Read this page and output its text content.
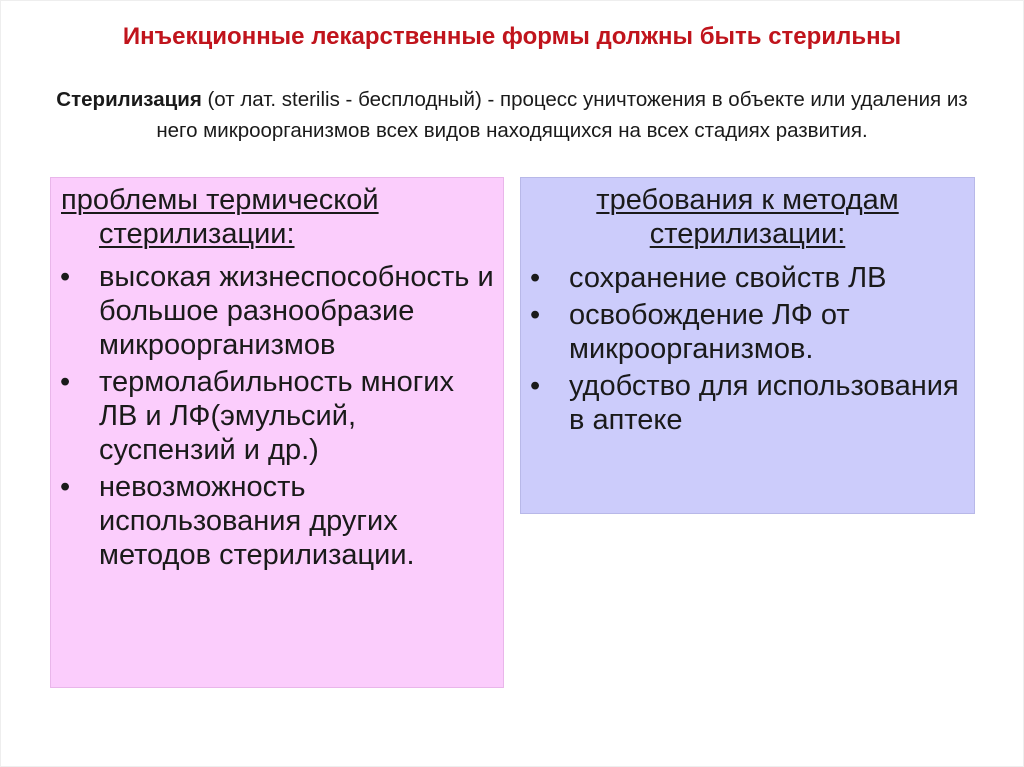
Инъекционные лекарственные формы должны быть стерильны
Стерилизация (от лат. sterilis - бесплодный) - процесс уничтожения в объекте или удаления из него микроорганизмов всех видов находящихся на всех стадиях развития.
проблемы термической
стерилизации:
• высокая жизнеспособность и большое разнообразие микроорганизмов
• термолабильность многих ЛВ и ЛФ(эмульсий, суспензий и др.)
• невозможность использования других методов стерилизации.
требования к методам
стерилизации:
• сохранение свойств ЛВ
• освобождение ЛФ от микроорганизмов.
• удобство для использования в аптеке
